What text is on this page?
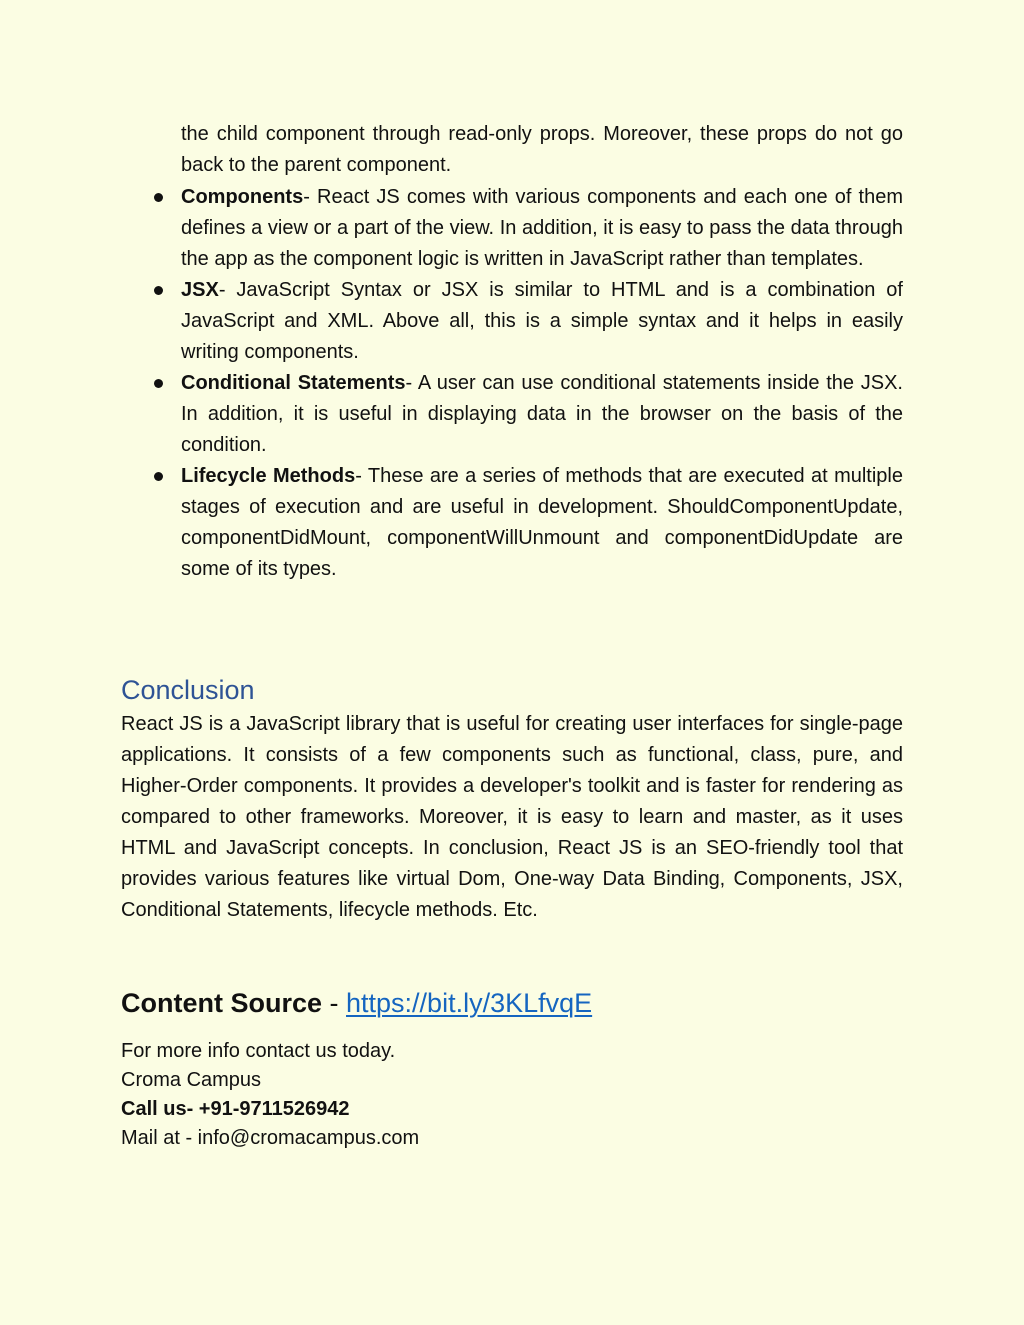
the child component through read-only props. Moreover, these props do not go back to the parent component.

Components- React JS comes with various components and each one of them defines a view or a part of the view. In addition, it is easy to pass the data through the app as the component logic is written in JavaScript rather than templates.
JSX- JavaScript Syntax or JSX is similar to HTML and is a combination of JavaScript and XML. Above all, this is a simple syntax and it helps in easily writing components.
Conditional Statements- A user can use conditional statements inside the JSX. In addition, it is useful in displaying data in the browser on the basis of the condition.
Lifecycle Methods- These are a series of methods that are executed at multiple stages of execution and are useful in development. ShouldComponentUpdate, componentDidMount, componentWillUnmount and componentDidUpdate are some of its types.
Conclusion

React JS is a JavaScript library that is useful for creating user interfaces for single-page applications. It consists of a few components such as functional, class, pure, and Higher-Order components. It provides a developer's toolkit and is faster for rendering as compared to other frameworks. Moreover, it is easy to learn and master, as it uses HTML and JavaScript concepts. In conclusion, React JS is an SEO-friendly tool that provides various features like virtual Dom, One-way Data Binding, Components, JSX, Conditional Statements, lifecycle methods. Etc.

Content Source - https://bit.ly/3KLfvqE

For more info contact us today.
Croma Campus
Call us- +91-9711526942
Mail at - info@cromacampus.com
